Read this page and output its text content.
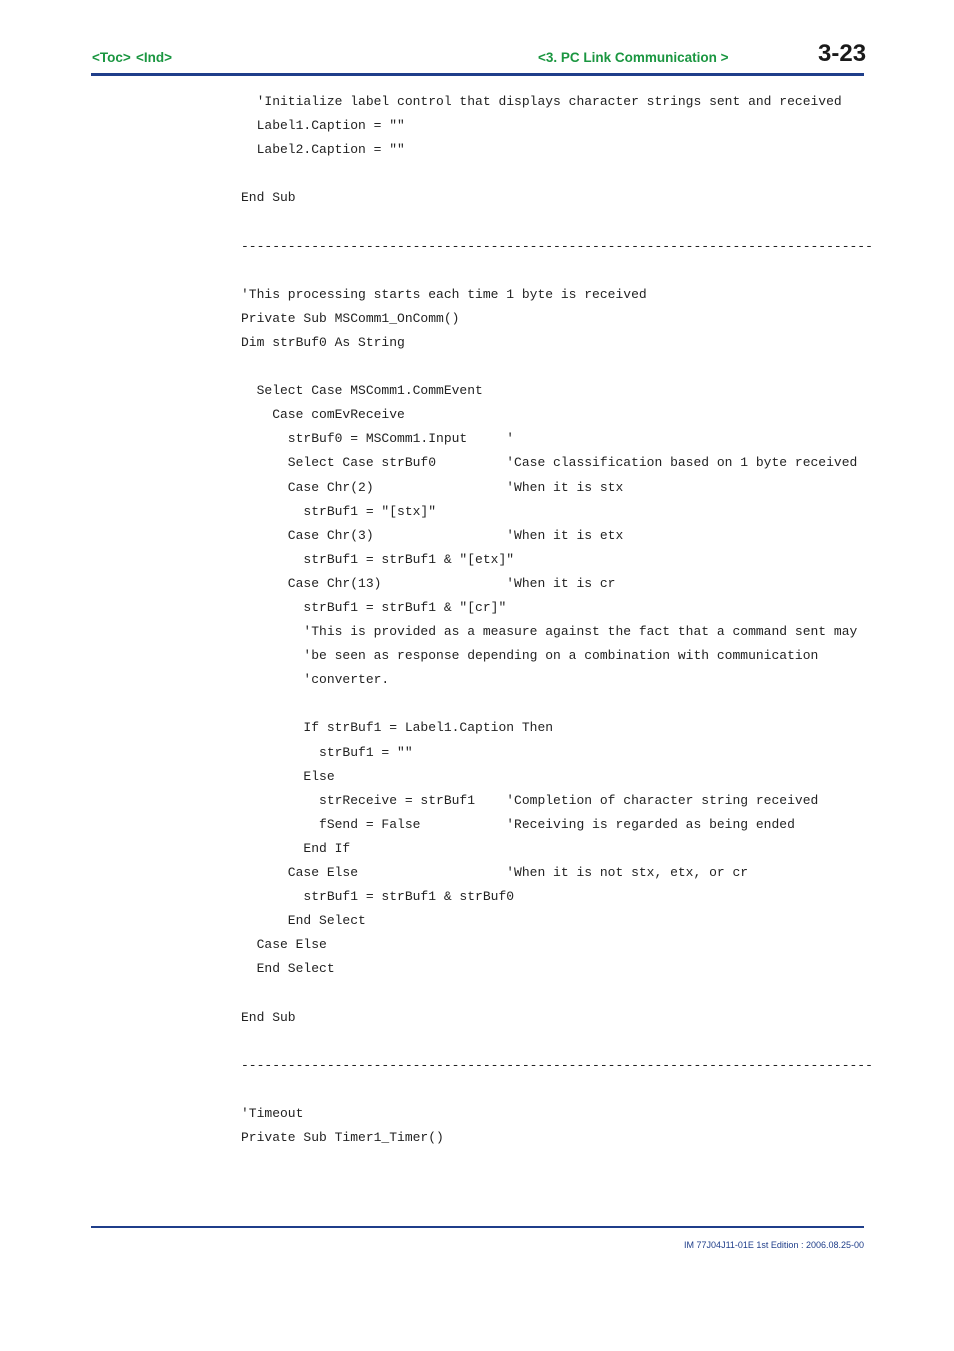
<Toc> <Ind>	<3. PC Link Communication >	3-23
'Initialize label control that displays character strings sent and received
Label1.Caption = ""
Label2.Caption = ""
End Sub
---------------------------------------------------------------------------------
'This processing starts each time 1 byte is received
Private Sub MSComm1_OnComm()
Dim strBuf0 As String
Select Case MSComm1.CommEvent
Case comEvReceive
strBuf0 = MSComm1.Input     '
Select Case strBuf0         'Case classification based on 1 byte received
Case Chr(2)                 'When it is stx
strBuf1 = "[stx]"
Case Chr(3)                 'When it is etx
strBuf1 = strBuf1 & "[etx]"
Case Chr(13)                'When it is cr
strBuf1 = strBuf1 & "[cr]"
'This is provided as a measure against the fact that a command sent may
'be seen as response depending on a combination with communication
'converter.
If strBuf1 = Label1.Caption Then
strBuf1 = ""
Else
strReceive = strBuf1    'Completion of character string received
fSend = False           'Receiving is regarded as being ended
End If
Case Else                   'When it is not stx, etx, or cr
strBuf1 = strBuf1 & strBuf0
End Select
Case Else
End Select
End Sub
---------------------------------------------------------------------------------
'Timeout
Private Sub Timer1_Timer()
IM 77J04J11-01E 1st Edition : 2006.08.25-00
